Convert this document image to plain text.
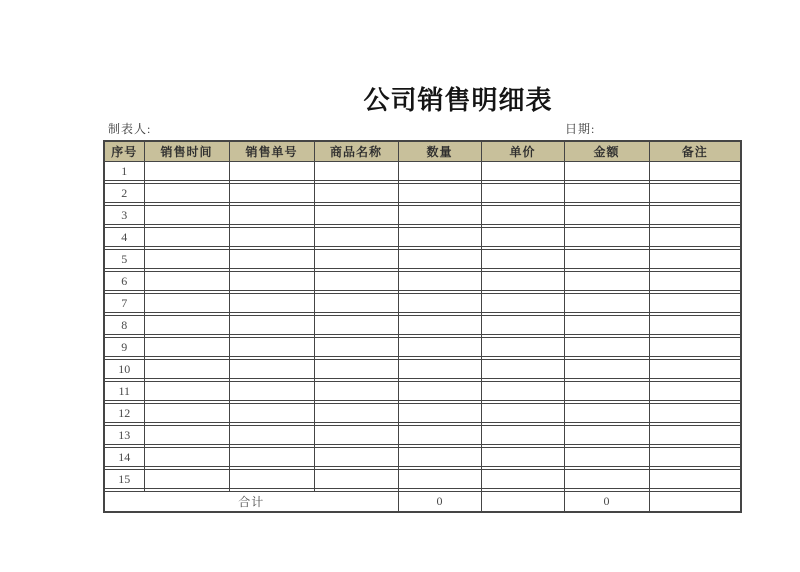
公司销售明细表
制表人:	日期:
序号	销售时间	销售单号	商品名称	数量	单价	金额	备注
1							

2							

3							

4							

5							

6							

7							

8							

9							

10							

11							

12							

13							

14							

15							

合计				0		0	
